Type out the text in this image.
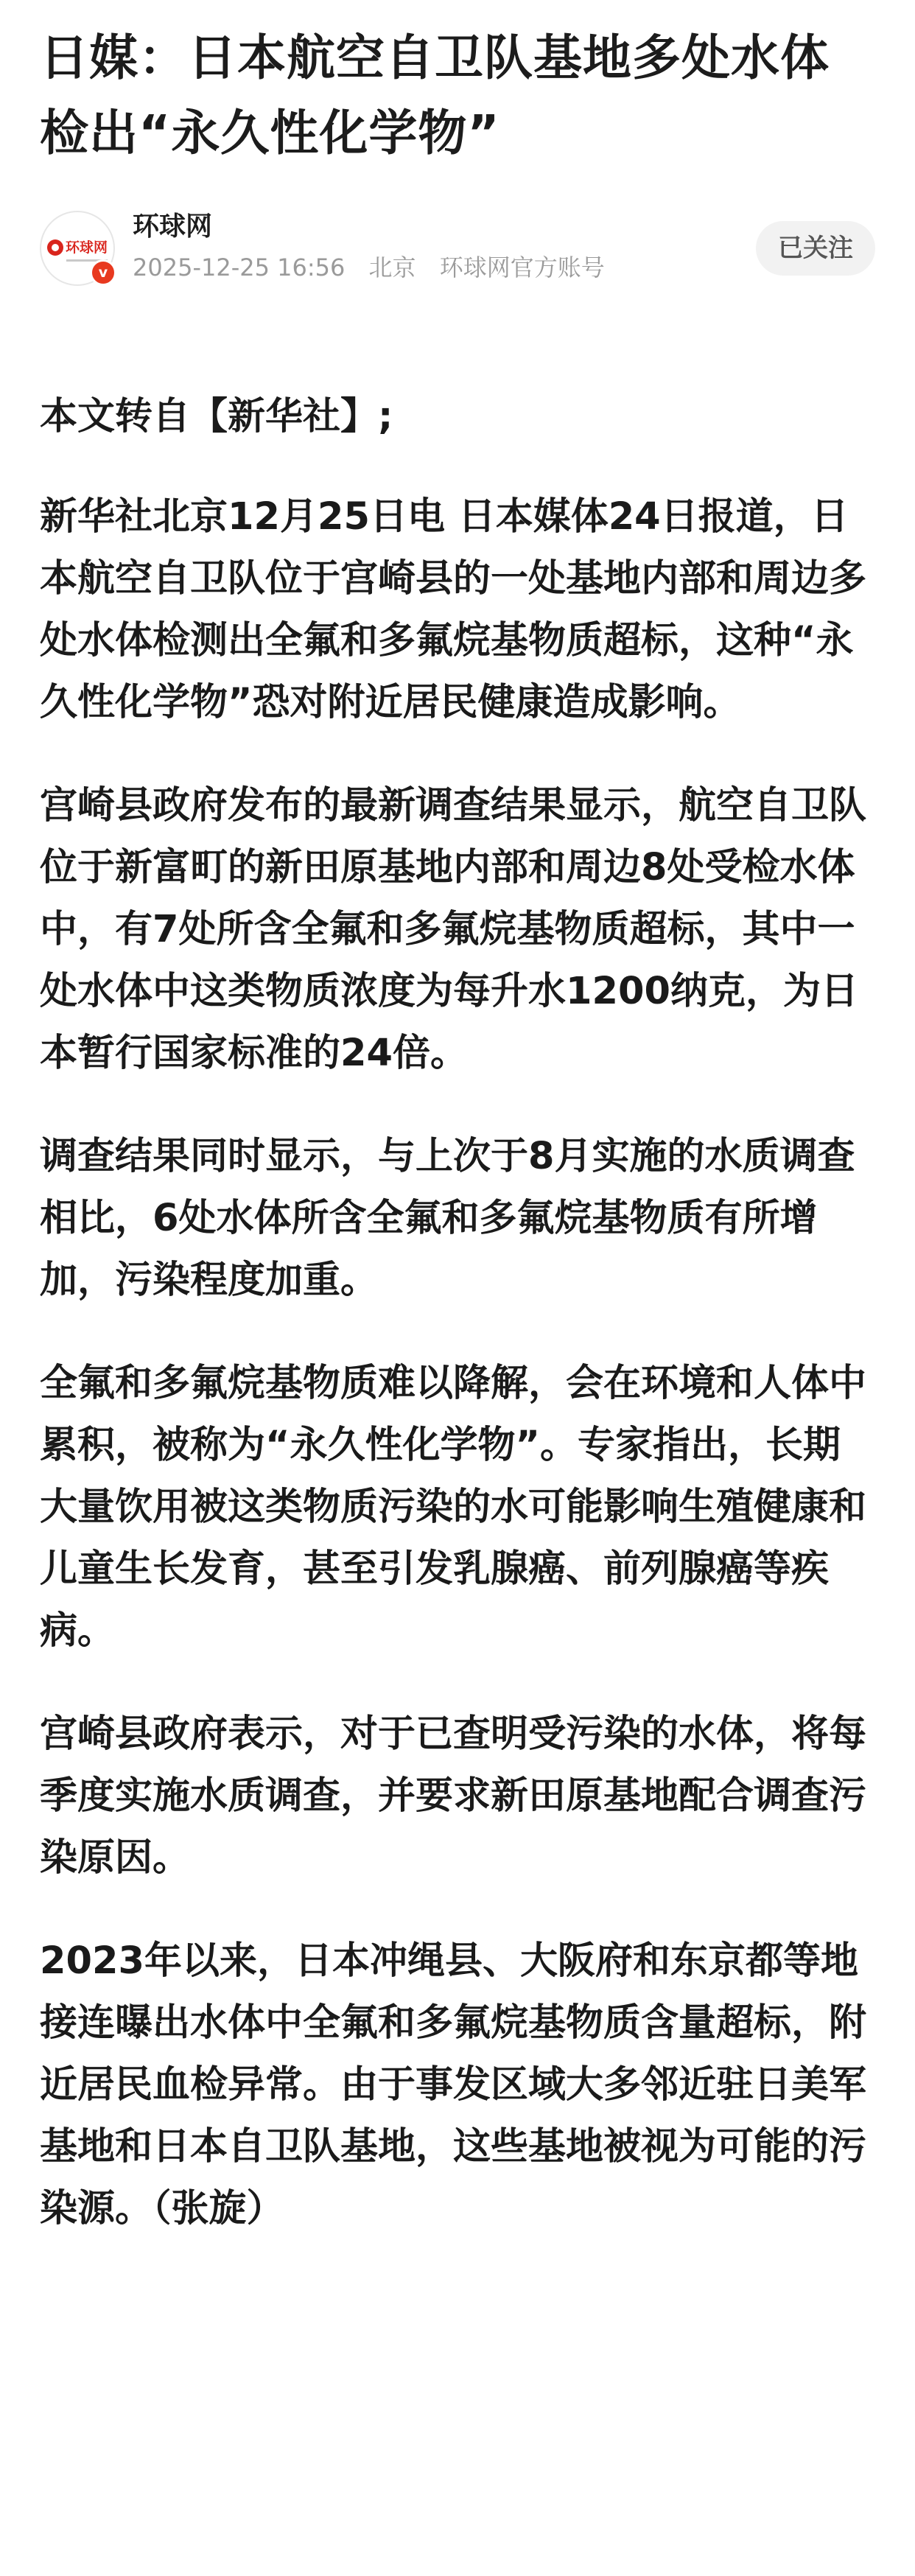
日媒：日本航空自卫队基地多处水体检出“永久性化学物”
环球网
v
环球网
2025-12-25 16:56 北京 环球网官方账号
已关注

本文转自【新华社】;

新华社北京12月25日电 日本媒体24日报道，日本航空自卫队位于宫崎县的一处基地内部和周边多处水体检测出全氟和多氟烷基物质超标，这种“永久性化学物”恐对附近居民健康造成影响。

宫崎县政府发布的最新调查结果显示，航空自卫队位于新富町的新田原基地内部和周边8处受检水体中，有7处所含全氟和多氟烷基物质超标，其中一处水体中这类物质浓度为每升水1200纳克，为日本暂行国家标准的24倍。

调查结果同时显示，与上次于8月实施的水质调查相比，6处水体所含全氟和多氟烷基物质有所增加，污染程度加重。

全氟和多氟烷基物质难以降解，会在环境和人体中累积，被称为“永久性化学物”。专家指出，长期大量饮用被这类物质污染的水可能影响生殖健康和儿童生长发育，甚至引发乳腺癌、前列腺癌等疾病。

宫崎县政府表示，对于已查明受污染的水体，将每季度实施水质调查，并要求新田原基地配合调查污染原因。

2023年以来，日本冲绳县、大阪府和东京都等地接连曝出水体中全氟和多氟烷基物质含量超标，附近居民血检异常。由于事发区域大多邻近驻日美军基地和日本自卫队基地，这些基地被视为可能的污染源。（张旋）
